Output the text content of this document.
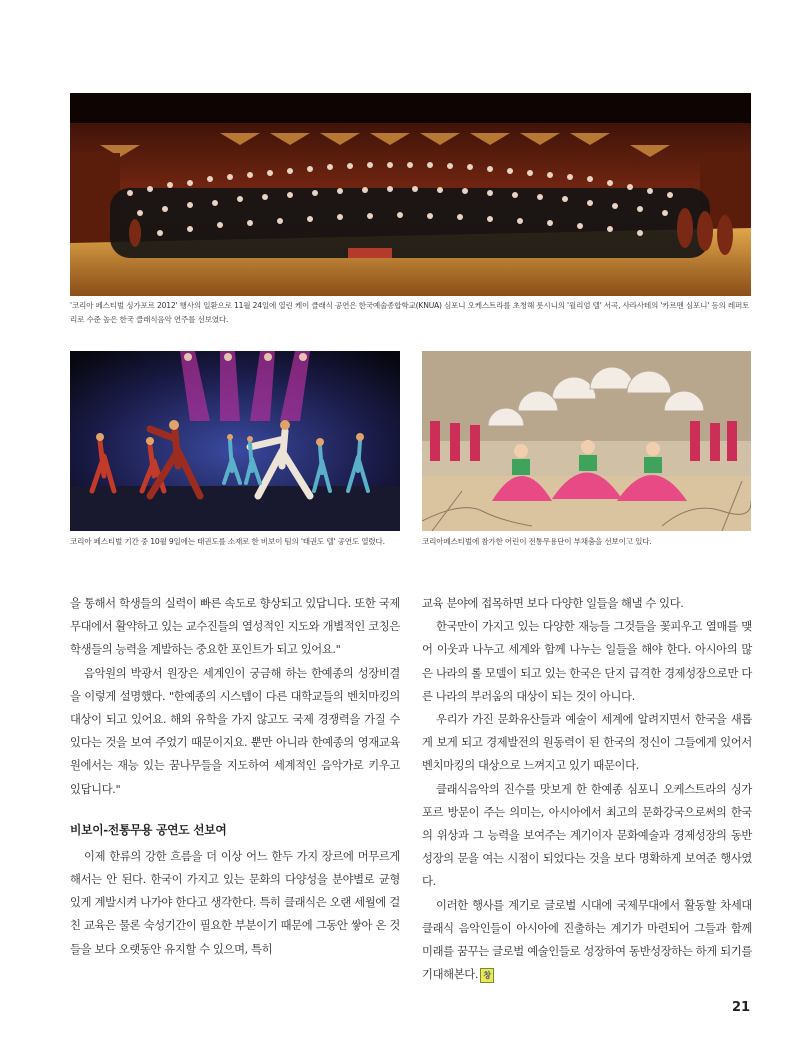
'코리아 페스티벌 싱가포르 2012' 행사의 일환으로 11월 24일에 열린 케이 클래식 공연은 한국예술종합학교(KNUA) 심포니 오케스트라를 초청해 롯시니의 '윌리엄 텔' 서곡, 사라사테의 '카르멘 심포니' 등의 레퍼토리로 수준 높은 한국 클래식음악 연주를 선보였다.
코리아 페스티벌 기간 중 10월 9일에는 태권도를 소재로 한 비보이 팀의 '태권도 텔' 공연도 열렸다.	코리아페스티벌에 참가한 어린이 전통무용단이 부채춤을 선보이고 있다.

을 통해서 학생들의 실력이 빠른 속도로 향상되고 있답니다. 또한 국제무대에서 활약하고 있는 교수진들의 열성적인 지도와 개별적인 코칭은 학생들의 능력을 계발하는 중요한 포인트가 되고 있어요."

음악원의 박광서 원장은 세계인이 궁금해 하는 한예종의 성장비결을 이렇게 설명했다. "한예종의 시스템이 다른 대학교들의 벤치마킹의 대상이 되고 있어요. 해외 유학을 가지 않고도 국제 경쟁력을 가질 수 있다는 것을 보여 주었기 때문이지요. 뿐만 아니라 한예종의 영재교육원에서는 재능 있는 꿈나무들을 지도하여 세계적인 음악가로 키우고 있답니다."

비보이-전통무용 공연도 선보여

이제 한류의 강한 흐름을 더 이상 어느 한두 가지 장르에 머무르게 해서는 안 된다. 한국이 가지고 있는 문화의 다양성을 분야별로 균형 있게 계발시켜 나가야 한다고 생각한다. 특히 클래식은 오랜 세월에 걸친 교육은 물론 숙성기간이 필요한 부분이기 때문에 그동안 쌓아 온 것들을 보다 오랫동안 유지할 수 있으며, 특히

교육 분야에 접목하면 보다 다양한 일들을 해낼 수 있다.

한국만이 가지고 있는 다양한 재능들 그것들을 꽃피우고 열매를 맺어 이웃과 나누고 세계와 함께 나누는 일들을 해야 한다. 아시아의 많은 나라의 롤 모델이 되고 있는 한국은 단지 급격한 경제성장으로만 다른 나라의 부러움의 대상이 되는 것이 아니다.

우리가 가진 문화유산들과 예술이 세계에 알려지면서 한국을 새롭게 보게 되고 경제발전의 원동력이 된 한국의 정신이 그들에게 있어서 벤치마킹의 대상으로 느껴지고 있기 때문이다.

클래식음악의 진수를 맛보게 한 한예종 심포니 오케스트라의 싱가포르 방문이 주는 의미는, 아시아에서 최고의 문화강국으로써의 한국의 위상과 그 능력을 보여주는 계기이자 문화예술과 경제성장의 동반성장의 문을 여는 시점이 되었다는 것을 보다 명확하게 보여준 행사였다.

이러한 행사를 계기로 글로벌 시대에 국제무대에서 활동할 차세대 클래식 음악인들이 아시아에 진출하는 계기가 마련되어 그들과 함께 미래를 꿈꾸는 글로벌 예술인들로 성장하여 동반성장하는 하게 되기를 기대해본다. 창

21
